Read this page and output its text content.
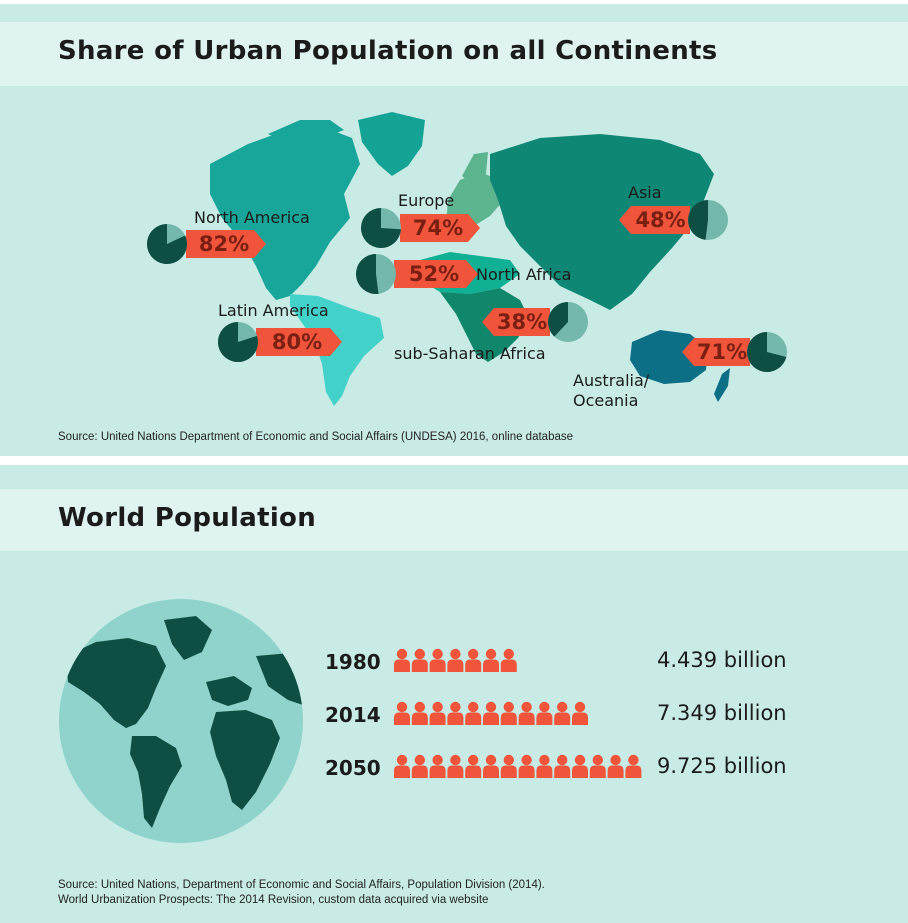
Share of Urban Population on all Continents
82%
North America	74%
Europe
48%
Asia
52% North Africa
80%
Latin America	38%
sub-Saharan Africa	71%
Australia/ Oceania
Source: United Nations Department of Economic and Social Affairs (UNDESA) 2016, online database
World Population
1980	4.439 billion
2014	7.349 billion
2050	9.725 billion
Source: United Nations, Department of Economic and Social Affairs, Population Division (2014).
World Urbanization Prospects: The 2014 Revision, custom data acquired via website
